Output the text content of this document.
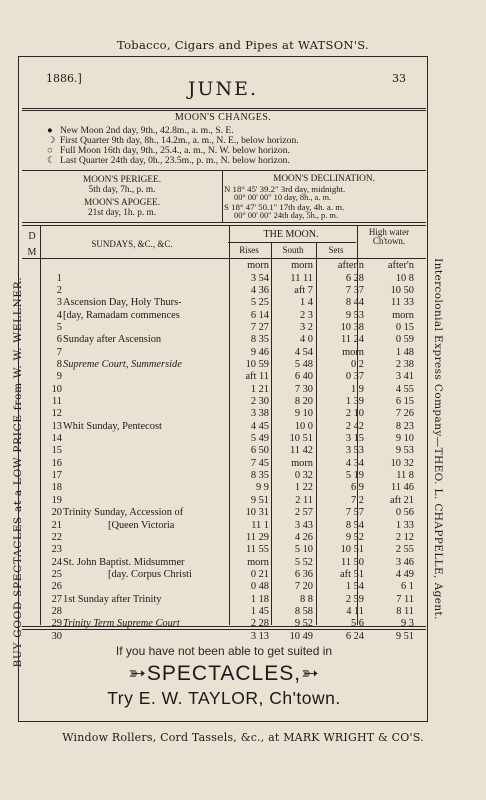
Tobacco, Cigars and Pipes at WATSON'S.
BUY GOOD SPECTACLES at a LOW PRICE from W. W. WELLNER.	Intercolonial Express Company—THEO. L. CHAPPELLE, Agent.
1886.]	33
JUNE.
MOON'S CHANGES.
● New Moon 2nd day, 9th., 42.8m., a. m., S. E.
☽ First Quarter 9th day, 8h., 14.2m., a. m., N. E., below horizon.
○ Full Moon 16th day, 9th., 25.4., a. m., N. W. below horizon.
☾ Last Quarter 24th day, 0h., 23.5m., p. m., N. below horizon.
MOON'S PERIGEE.
5th day, 7h., p. m.
MOON'S APOGEE.
21st day, 1h. p. m.
MOON'S DECLINATION.
N 18° 45' 39.2" 3rd day, midnight.
00° 00' 00" 10 day, 8h., a. m.
S 18° 47' 50.1" 17th day, 4h. a. m.
00° 00' 00" 24th day, 5h., p. m.
D
M
SUNDAYS, &C., &C.
THE MOON.
Rises	South	Sets
High water Ch'town.
morn	morn	after'n	after'n
1	3 54	11 11	6 28	10 8
2	4 36	aft 7	7 37	10 50
3 Ascension Day, Holy Thurs-	5 25	1 4	8 44	11 33
4 [day, Ramadam commences	6 14	2 3	9 53	morn
5	7 27	3 2	10 38	0 15
6 Sunday after Ascension	8 35	4 0	11 24	0 59
7	9 46	4 54	morn	1 48
8 Supreme Court, Summerside	10 59	5 48	0 2	2 38
9	aft 11	6 40	0 37	3 41
10	1 21	7 30	1 9	4 55
11	2 30	8 20	1 39	6 15
12	3 38	9 10	2 10	7 26
13 Whit Sunday, Pentecost	4 45	10 0	2 42	8 23
14	5 49	10 51	3 15	9 10
15	6 50	11 42	3 53	9 53
16	7 45	morn	4 34	10 32
17	8 35	0 32	5 19	11 8
18	9 9	1 22	6 9	11 46
19	9 51	2 11	7 2	aft 21
20 Trinity Sunday, Accession of	10 31	2 57	7 57	0 56
21	[Queen Victoria	11 1	3 43	8 54	1 33
22	11 29	4 26	9 52	2 12
23	11 55	5 10	10 51	2 55
24 St. John Baptist. Midsummer	morn	5 52	11 50	3 46
25	[day. Corpus Christi	0 21	6 36	aft 51	4 49
26	0 48	7 20	1 54	6 1
27 1st Sunday after Trinity	1 18	8 8	2 59	7 11
28	1 45	8 58	4 11	8 11
29 Trinity Term Supreme Court	2 28	9 52	5 6	9 3
30	3 13	10 49	6 24	9 51
If you have not been able to get suited in
➳SPECTACLES,➳
Try E. W. TAYLOR, Ch'town.
Window Rollers, Cord Tassels, &c., at MARK WRIGHT & CO'S.
